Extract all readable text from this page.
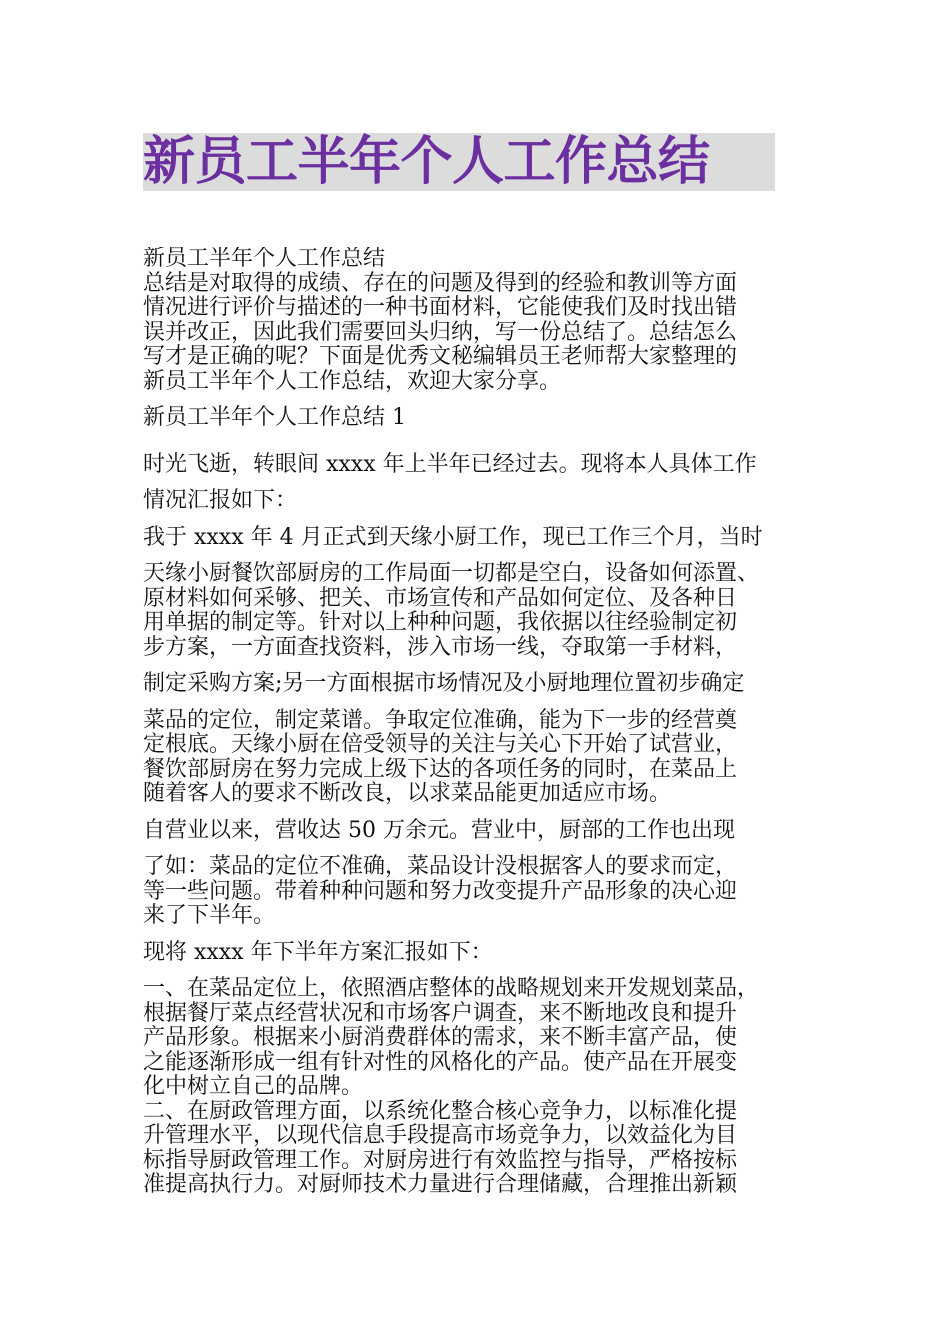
新员工半年个人工作总结
新员工半年个人工作总结
总结是对取得的成绩、存在的问题及得到的经验和教训等方面
情况进行评价与描述的一种书面材料，它能使我们及时找出错
误并改正，因此我们需要回头归纳，写一份总结了。总结怎么
写才是正确的呢？下面是优秀文秘编辑员王老师帮大家整理的
新员工半年个人工作总结，欢迎大家分享。
新员工半年个人工作总结 1
时光飞逝，转眼间 xxxx 年上半年已经过去。现将本人具体工作
情况汇报如下：
我于 xxxx 年 4 月正式到天缘小厨工作，现已工作三个月，当时
天缘小厨餐饮部厨房的工作局面一切都是空白，设备如何添置、
原材料如何采够、把关、市场宣传和产品如何定位、及各种日
用单据的制定等。针对以上种种问题，我依据以往经验制定初
步方案，一方面查找资料，涉入市场一线，夺取第一手材料，
制定采购方案;另一方面根据市场情况及小厨地理位置初步确定
菜品的定位，制定菜谱。争取定位准确，能为下一步的经营奠
定根底。天缘小厨在倍受领导的关注与关心下开始了试营业，
餐饮部厨房在努力完成上级下达的各项任务的同时，在菜品上
随着客人的要求不断改良，以求菜品能更加适应市场。
自营业以来，营收达 50 万余元。营业中，厨部的工作也出现
了如：菜品的定位不准确，菜品设计没根据客人的要求而定，
等一些问题。带着种种问题和努力改变提升产品形象的决心迎
来了下半年。
现将 xxxx 年下半年方案汇报如下：
一、在菜品定位上，依照酒店整体的战略规划来开发规划菜品，
根据餐厅菜点经营状况和市场客户调查，来不断地改良和提升
产品形象。根据来小厨消费群体的需求，来不断丰富产品，使
之能逐渐形成一组有针对性的风格化的产品。使产品在开展变
化中树立自己的品牌。
二、在厨政管理方面，以系统化整合核心竞争力，以标准化提
升管理水平，以现代信息手段提高市场竞争力，以效益化为目
标指导厨政管理工作。对厨房进行有效监控与指导，严格按标
准提高执行力。对厨师技术力量进行合理储藏，合理推出新颖
